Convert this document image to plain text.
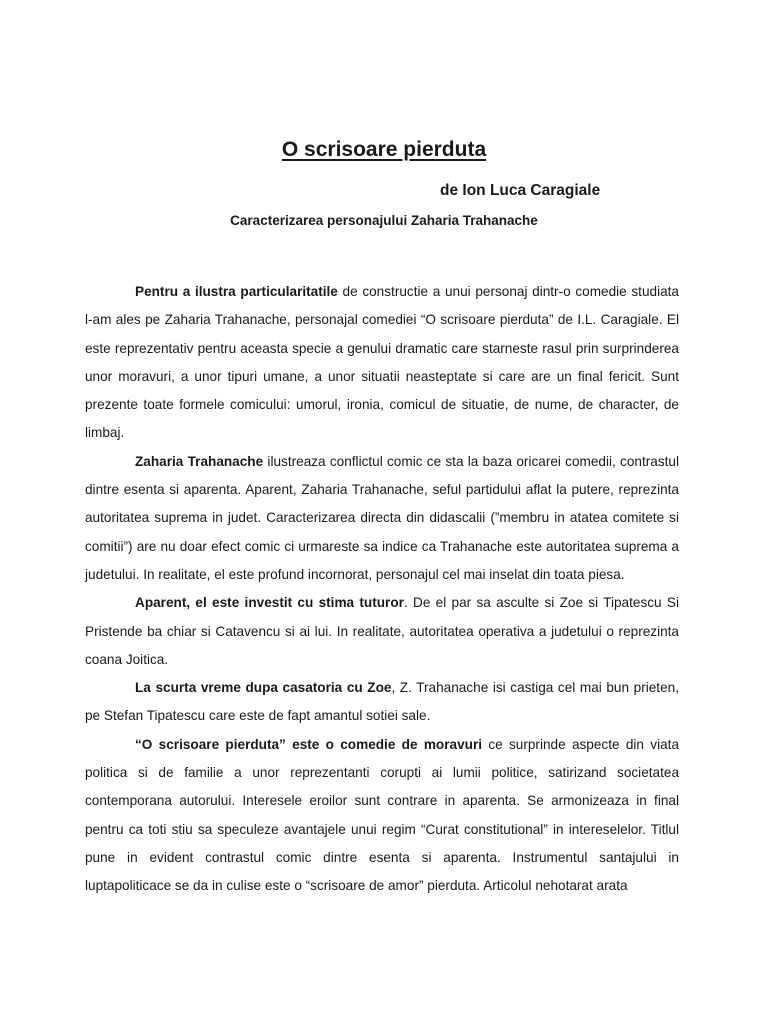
O scrisoare pierduta
de Ion Luca Caragiale
Caracterizarea personajului Zaharia Trahanache

Pentru a ilustra particularitatile de constructie a unui personaj dintr-o comedie studiata l-am ales pe Zaharia Trahanache, personajal comediei “O scrisoare pierduta” de I.L. Caragiale. El este reprezentativ pentru aceasta specie a genului dramatic care starneste rasul prin surprinderea unor moravuri, a unor tipuri umane, a unor situatii neasteptate si care are un final fericit. Sunt prezente toate formele comicului: umorul, ironia, comicul de situatie, de nume, de character, de limbaj.

Zaharia Trahanache ilustreaza conflictul comic ce sta la baza oricarei comedii, contrastul dintre esenta si aparenta. Aparent, Zaharia Trahanache, seful partidului aflat la putere, reprezinta autoritatea suprema in judet. Caracterizarea directa din didascalii (”membru in atatea comitete si comitii”) are nu doar efect comic ci urmareste sa indice ca Trahanache este autoritatea suprema a judetului. In realitate, el este profund incornorat, personajul cel mai inselat din toata piesa.

Aparent, el este investit cu stima tuturor. De el par sa asculte si Zoe si Tipatescu Si Pristende ba chiar si Catavencu si ai lui. In realitate, autoritatea operativa a judetului o reprezinta coana Joitica.

La scurta vreme dupa casatoria cu Zoe, Z. Trahanache isi castiga cel mai bun prieten, pe Stefan Tipatescu care este de fapt amantul sotiei sale.

“O scrisoare pierduta” este o comedie de moravuri ce surprinde aspecte din viata politica si de familie a unor reprezentanti corupti ai lumii politice, satirizand societatea contemporana autorului. Interesele eroilor sunt contrare in aparenta. Se armonizeaza in final pentru ca toti stiu sa speculeze avantajele unui regim “Curat constitutional” in intereselelor. Titlul pune in evident contrastul comic dintre esenta si aparenta. Instrumentul santajului in luptapoliticace se da in culise este o “scrisoare de amor” pierduta. Articolul nehotarat arata
